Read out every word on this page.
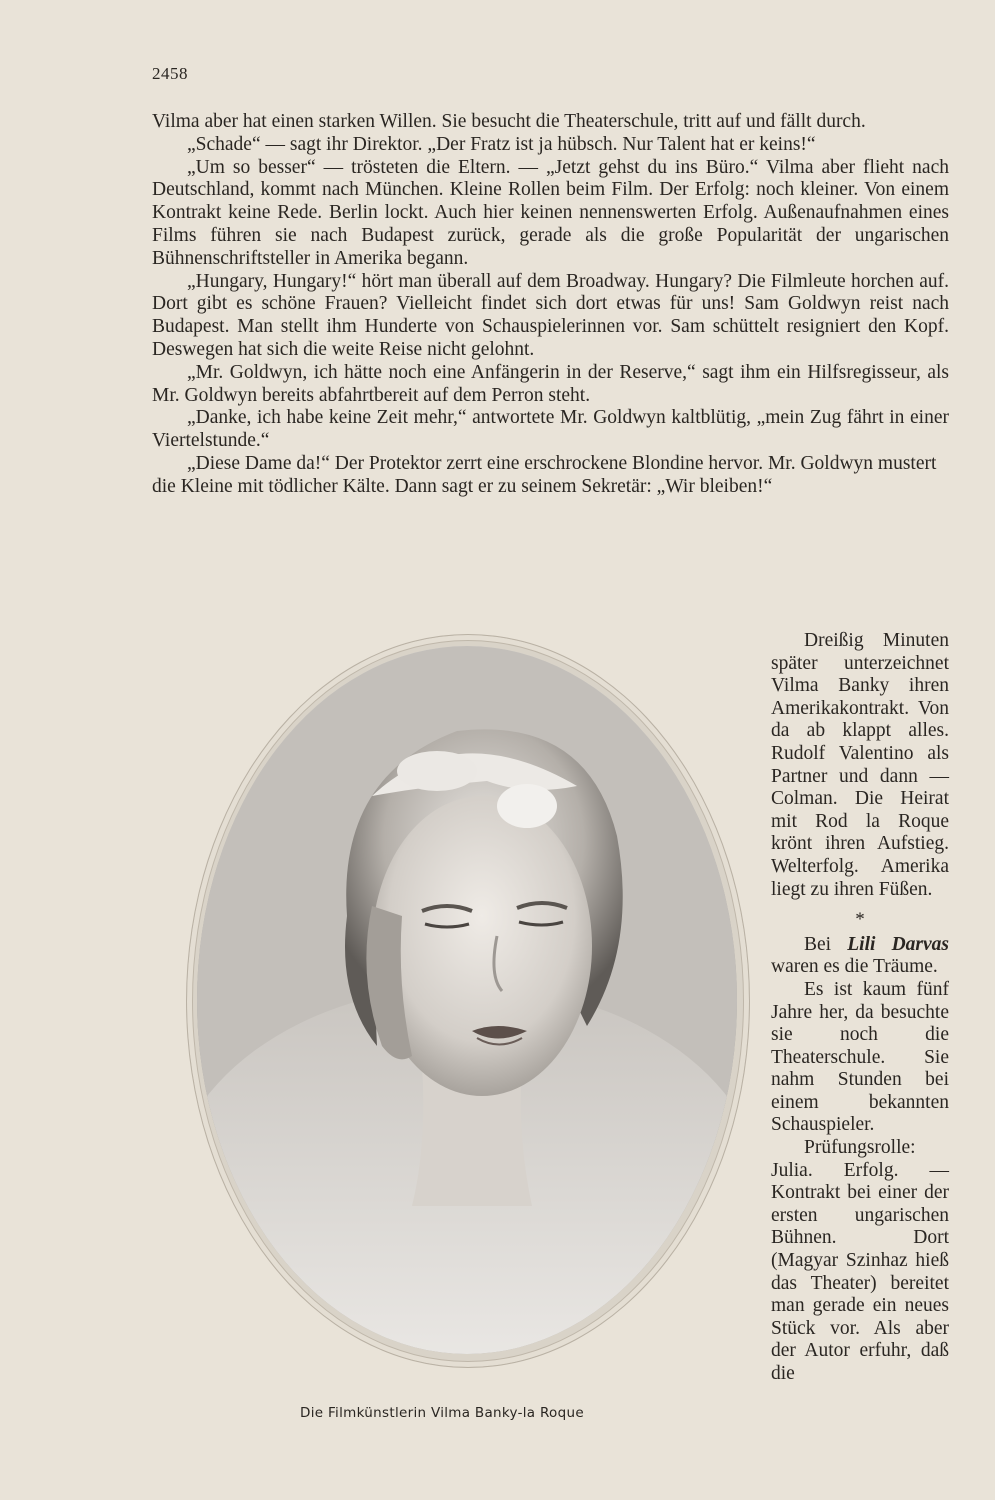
2458

Vilma aber hat einen starken Willen. Sie besucht die Theaterschule, tritt auf und fällt durch.

„Schade“ — sagt ihr Direktor. „Der Fratz ist ja hübsch. Nur Talent hat er keins!“

„Um so besser“ — trösteten die Eltern. — „Jetzt gehst du ins Büro.“ Vilma aber flieht nach Deutschland, kommt nach München. Kleine Rollen beim Film. Der Erfolg: noch kleiner. Von einem Kontrakt keine Rede. Berlin lockt. Auch hier keinen nennenswerten Erfolg. Außenaufnahmen eines Films führen sie nach Budapest zurück, gerade als die große Popularität der ungarischen Bühnenschriftsteller in Amerika begann.

„Hungary, Hungary!“ hört man überall auf dem Broadway. Hungary? Die Filmleute horchen auf. Dort gibt es schöne Frauen? Vielleicht findet sich dort etwas für uns! Sam Goldwyn reist nach Budapest. Man stellt ihm Hunderte von Schauspielerinnen vor. Sam schüttelt resigniert den Kopf. Deswegen hat sich die weite Reise nicht gelohnt.

„Mr. Goldwyn, ich hätte noch eine Anfängerin in der Reserve,“ sagt ihm ein Hilfsregisseur, als Mr. Goldwyn bereits abfahrtbereit auf dem Perron steht.

„Danke, ich habe keine Zeit mehr,“ antwortete Mr. Goldwyn kaltblütig, „mein Zug fährt in einer Viertelstunde.“

„Diese Dame da!“ Der Protektor zerrt eine erschrockene Blondine hervor. Mr. Goldwyn mustert die Kleine mit tödlicher Kälte. Dann sagt er zu seinem Sekretär: „Wir bleiben!“

Dreißig Minuten später unterzeichnet Vilma Banky ihren Amerikakontrakt. Von da ab klappt alles. Rudolf Valentino als Partner und dann — Colman. Die Heirat mit Rod la Roque krönt ihren Aufstieg. Welterfolg. Amerika liegt zu ihren Füßen.

*

Bei Lili Darvas waren es die Träume.

Es ist kaum fünf Jahre her, da besuchte sie noch die Theaterschule. Sie nahm Stunden bei einem bekannten Schauspieler.

Prüfungsrolle: Julia. Erfolg. — Kontrakt bei einer der ersten ungarischen Bühnen. Dort (Magyar Szinhaz hieß das Theater) bereitet man gerade ein neues Stück vor. Als aber der Autor erfuhr, daß die

Die Filmkünstlerin Vilma Banky-la Roque
